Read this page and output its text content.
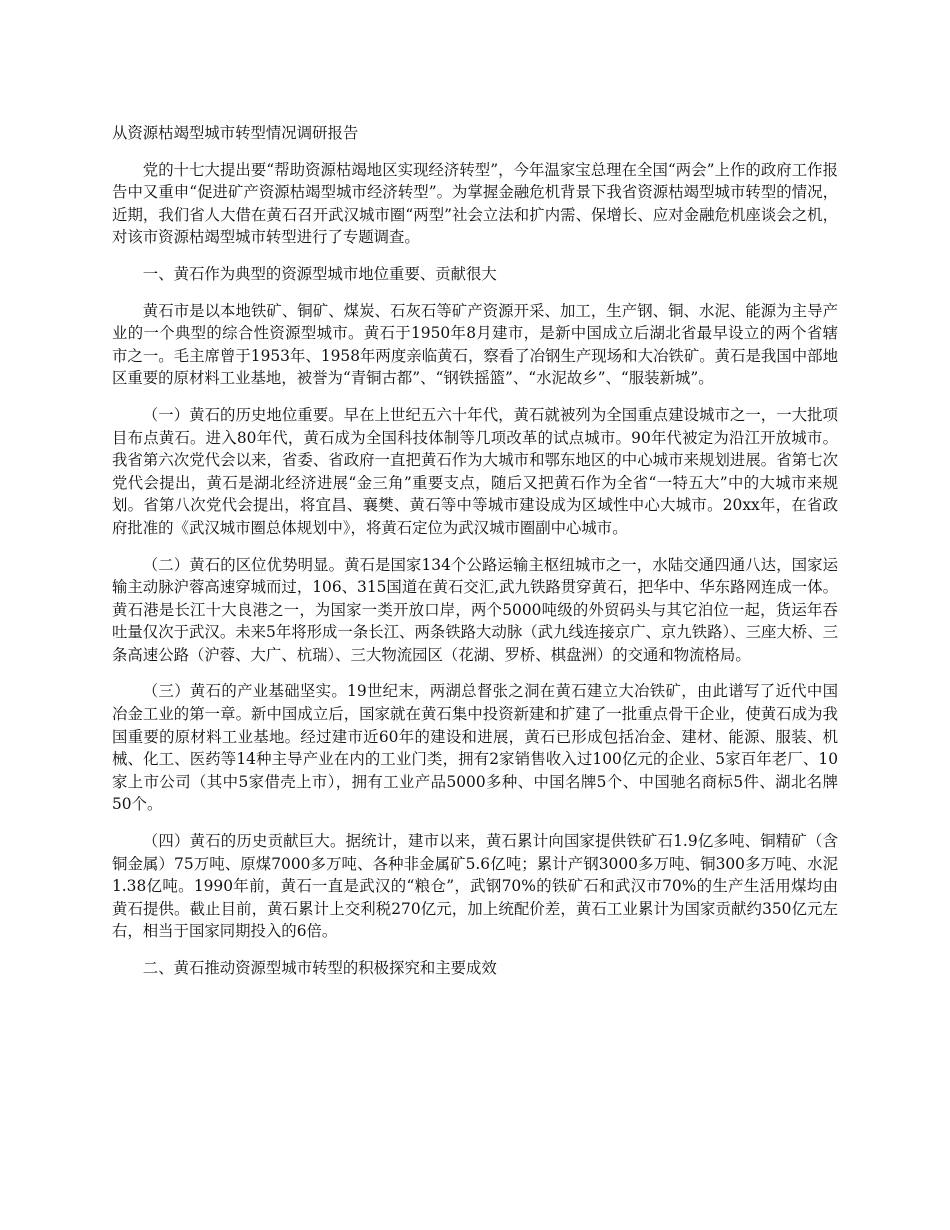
从资源枯竭型城市转型情况调研报告

党的十七大提出要“帮助资源枯竭地区实现经济转型”，今年温家宝总理在全国“两会”上作的政府工作报告中又重申“促进矿产资源枯竭型城市经济转型”。为掌握金融危机背景下我省资源枯竭型城市转型的情况，近期，我们省人大借在黄石召开武汉城市圈“两型”社会立法和扩内需、保增长、应对金融危机座谈会之机，对该市资源枯竭型城市转型进行了专题调查。

一、黄石作为典型的资源型城市地位重要、贡献很大

黄石市是以本地铁矿、铜矿、煤炭、石灰石等矿产资源开采、加工，生产钢、铜、水泥、能源为主导产业的一个典型的综合性资源型城市。黄石于1950年8月建市，是新中国成立后湖北省最早设立的两个省辖市之一。毛主席曾于1953年、1958年两度亲临黄石，察看了冶钢生产现场和大冶铁矿。黄石是我国中部地区重要的原材料工业基地，被誉为“青铜古都”、“钢铁摇篮”、“水泥故乡”、“服装新城”。

（一）黄石的历史地位重要。早在上世纪五六十年代，黄石就被列为全国重点建设城市之一，一大批项目布点黄石。进入80年代，黄石成为全国科技体制等几项改革的试点城市。90年代被定为沿江开放城市。我省第六次党代会以来，省委、省政府一直把黄石作为大城市和鄂东地区的中心城市来规划进展。省第七次党代会提出，黄石是湖北经济进展“金三角”重要支点，随后又把黄石作为全省“一特五大”中的大城市来规划。省第八次党代会提出，将宜昌、襄樊、黄石等中等城市建设成为区域性中心大城市。20xx年，在省政府批准的《武汉城市圈总体规划中》，将黄石定位为武汉城市圈副中心城市。

（二）黄石的区位优势明显。黄石是国家134个公路运输主枢纽城市之一，水陆交通四通八达，国家运输主动脉沪蓉高速穿城而过，106、315国道在黄石交汇,武九铁路贯穿黄石，把华中、华东路网连成一体。黄石港是长江十大良港之一，为国家一类开放口岸，两个5000吨级的外贸码头与其它泊位一起，货运年吞吐量仅次于武汉。未来5年将形成一条长江、两条铁路大动脉（武九线连接京广、京九铁路）、三座大桥、三条高速公路（沪蓉、大广、杭瑞）、三大物流园区（花湖、罗桥、棋盘洲）的交通和物流格局。

（三）黄石的产业基础坚实。19世纪末，两湖总督张之洞在黄石建立大冶铁矿，由此谱写了近代中国冶金工业的第一章。新中国成立后，国家就在黄石集中投资新建和扩建了一批重点骨干企业，使黄石成为我国重要的原材料工业基地。经过建市近60年的建设和进展，黄石已形成包括冶金、建材、能源、服装、机械、化工、医药等14种主导产业在内的工业门类，拥有2家销售收入过100亿元的企业、5家百年老厂、10家上市公司（其中5家借壳上市），拥有工业产品5000多种、中国名牌5个、中国驰名商标5件、湖北名牌50个。

（四）黄石的历史贡献巨大。据统计，建市以来，黄石累计向国家提供铁矿石1.9亿多吨、铜精矿（含铜金属）75万吨、原煤7000多万吨、各种非金属矿5.6亿吨；累计产钢3000多万吨、铜300多万吨、水泥1.38亿吨。1990年前，黄石一直是武汉的“粮仓”，武钢70%的铁矿石和武汉市70%的生产生活用煤均由黄石提供。截止目前，黄石累计上交利税270亿元，加上统配价差，黄石工业累计为国家贡献约350亿元左右，相当于国家同期投入的6倍。

二、黄石推动资源型城市转型的积极探究和主要成效
